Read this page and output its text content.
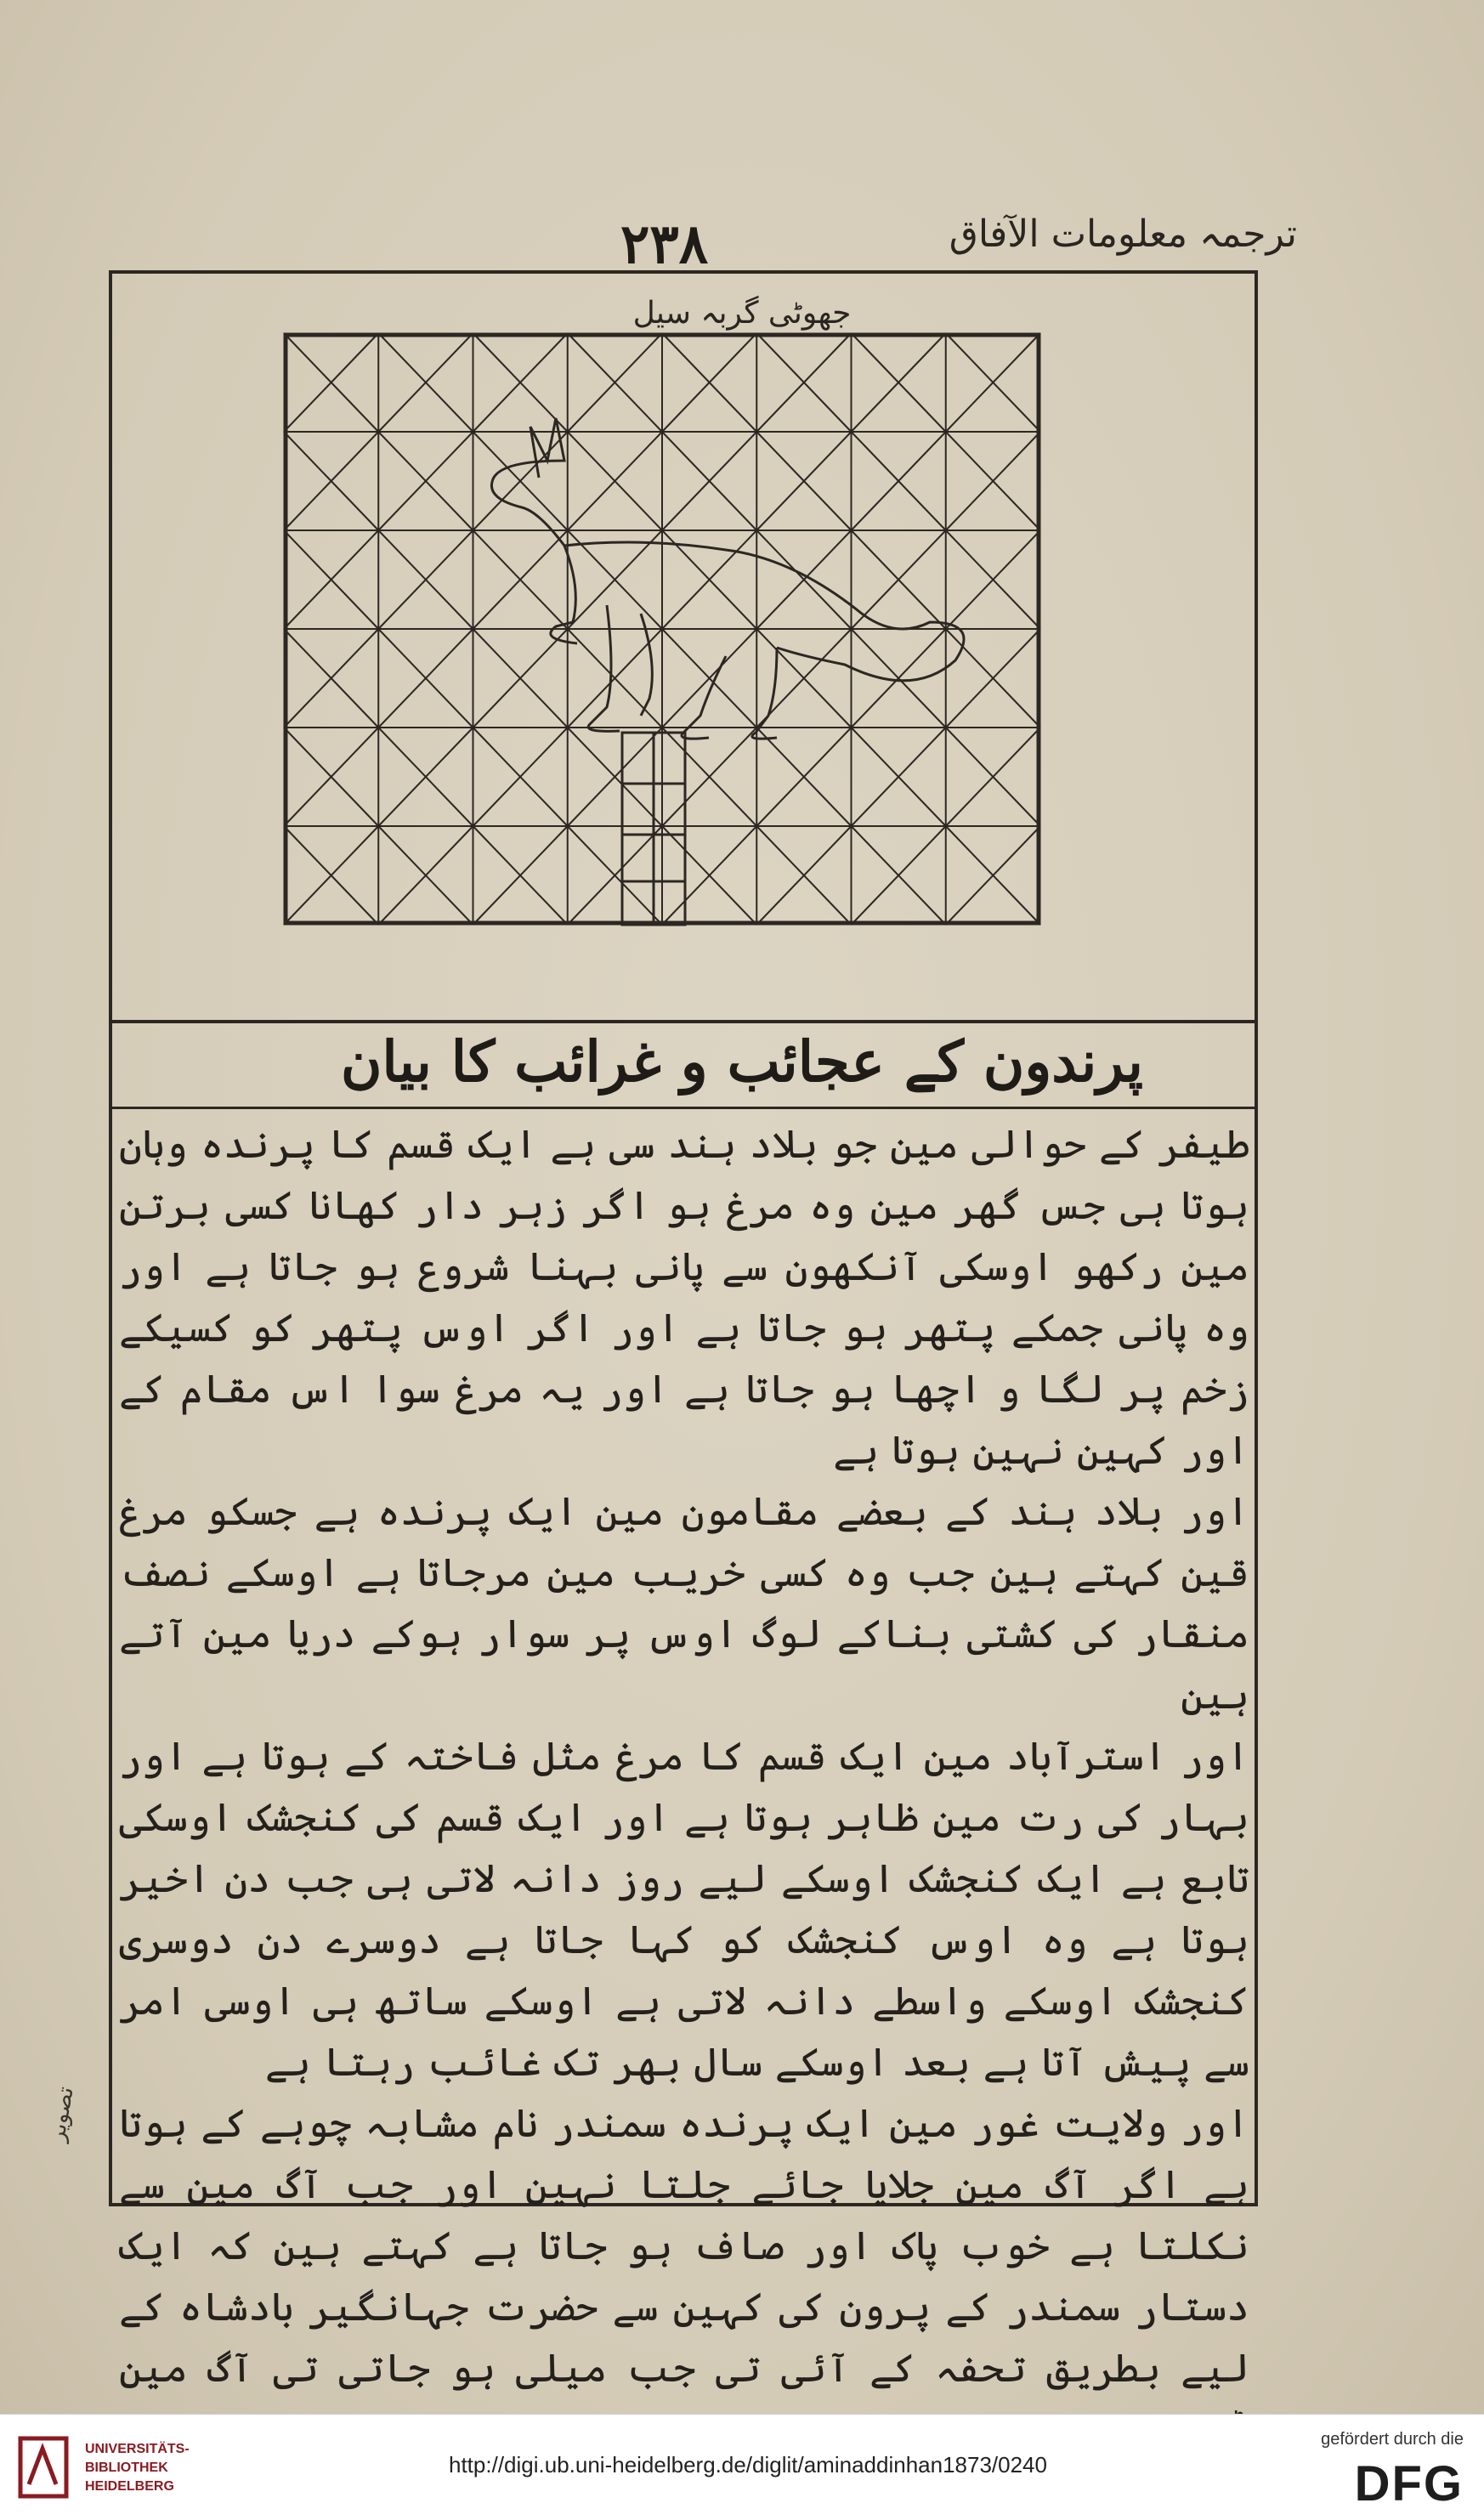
ترجمہ معلومات الآفاق
۲۳۸
جھوٹی گربہ سیل
پرندون کے عجائب و غرائب کا بیان

طیفر کے حوالی مین جو بلاد ہند سی ہے ایک قسم کا پرندہ وہان ہوتا ہی جس گھر مین وہ مرغ ہو اگر زہر دار کھانا کسی برتن مین رکھو اوسکی آنکھون سے پانی بہنا شروع ہو جاتا ہے اور وہ پانی جمکے پتھر ہو جاتا ہے اور اگر اوس پتھر کو کسیکے زخم پر لگا و اچھا ہو جاتا ہے اور یہ مرغ سوا اس مقام کے اور کہین نہین ہوتا ہے

اور بلاد ہند کے بعضے مقامون مین ایک پرندہ ہے جسکو مرغ قین کہتے ہین جب وہ کسی خریب مین مرجاتا ہے اوسکے نصف منقار کی کشتی بناکے لوگ اوس پر سوار ہوکے دریا مین آتے ہین

اور استرآباد مین ایک قسم کا مرغ مثل فاختہ کے ہوتا ہے اور بہار کی رت مین ظاہر ہوتا ہے اور ایک قسم کی کنجشک اوسکی تابع ہے ایک کنجشک اوسکے لیے روز دانہ لاتی ہی جب دن اخیر ہوتا ہے وہ اوس کنجشک کو کہا جاتا ہے دوسرے دن دوسری کنجشک اوسکے واسطے دانہ لاتی ہے اوسکے ساتھ ہی اوسی امر سے پیش آتا ہے بعد اوسکے سال بھر تک غائب رہتا ہے

اور ولایت غور مین ایک پرندہ سمندر نام مشابہ چوہے کے ہوتا ہے اگر آگ مین جلایا جائے جلتا نہین اور جب آگ مین سے نکلتا ہے خوب پاک اور صاف ہو جاتا ہے کہتے ہین کہ ایک دستار سمندر کے پرون کی کہین سے حضرت جہانگیر بادشاہ کے لیے بطریق تحفہ کے آئی تی جب میلی ہو جاتی تی آگ مین

تصویر
UNIVERSITÄTS-
BIBLIOTHEK
HEIDELBERG
http://digi.ub.uni-heidelberg.de/diglit/aminaddinhan1873/0240
gefördert durch die
DFG
